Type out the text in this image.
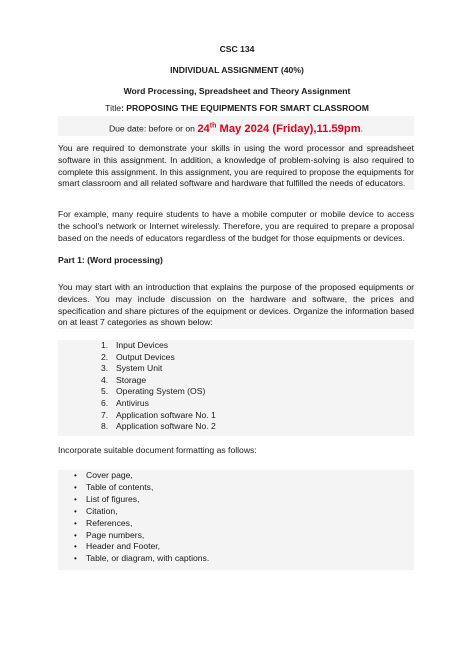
CSC 134
INDIVIDUAL ASSIGNMENT (40%)
Word Processing, Spreadsheet and Theory Assignment
Title: PROPOSING THE EQUIPMENTS FOR SMART CLASSROOM
Due date: before or on 24th May 2024 (Friday),11.59pm.
You are required to demonstrate your skills in using the word processor and spreadsheet software in this assignment. In addition, a knowledge of problem-solving is also required to complete this assignment. In this assignment, you are required to propose the equipments for smart classroom and all related software and hardware that fulfilled the needs of educators.
For example, many require students to have a mobile computer or mobile device to access the school's network or Internet wirelessly. Therefore, you are required to prepare a proposal based on the needs of educators regardless of the budget for those equipments or devices.
Part 1: (Word processing)
You may start with an introduction that explains the purpose of the proposed equipments or devices. You may include discussion on the hardware and software, the prices and specification and share pictures of the equipment or devices. Organize the information based on at least 7 categories as shown below:
1. Input Devices
2. Output Devices
3. System Unit
4. Storage
5. Operating System (OS)
6. Antivirus
7. Application software No. 1
8. Application software No. 2
Incorporate suitable document formatting as follows:
• Cover page,
• Table of contents,
• List of figures,
• Citation,
• References,
• Page numbers,
• Header and Footer,
• Table, or diagram, with captions.
